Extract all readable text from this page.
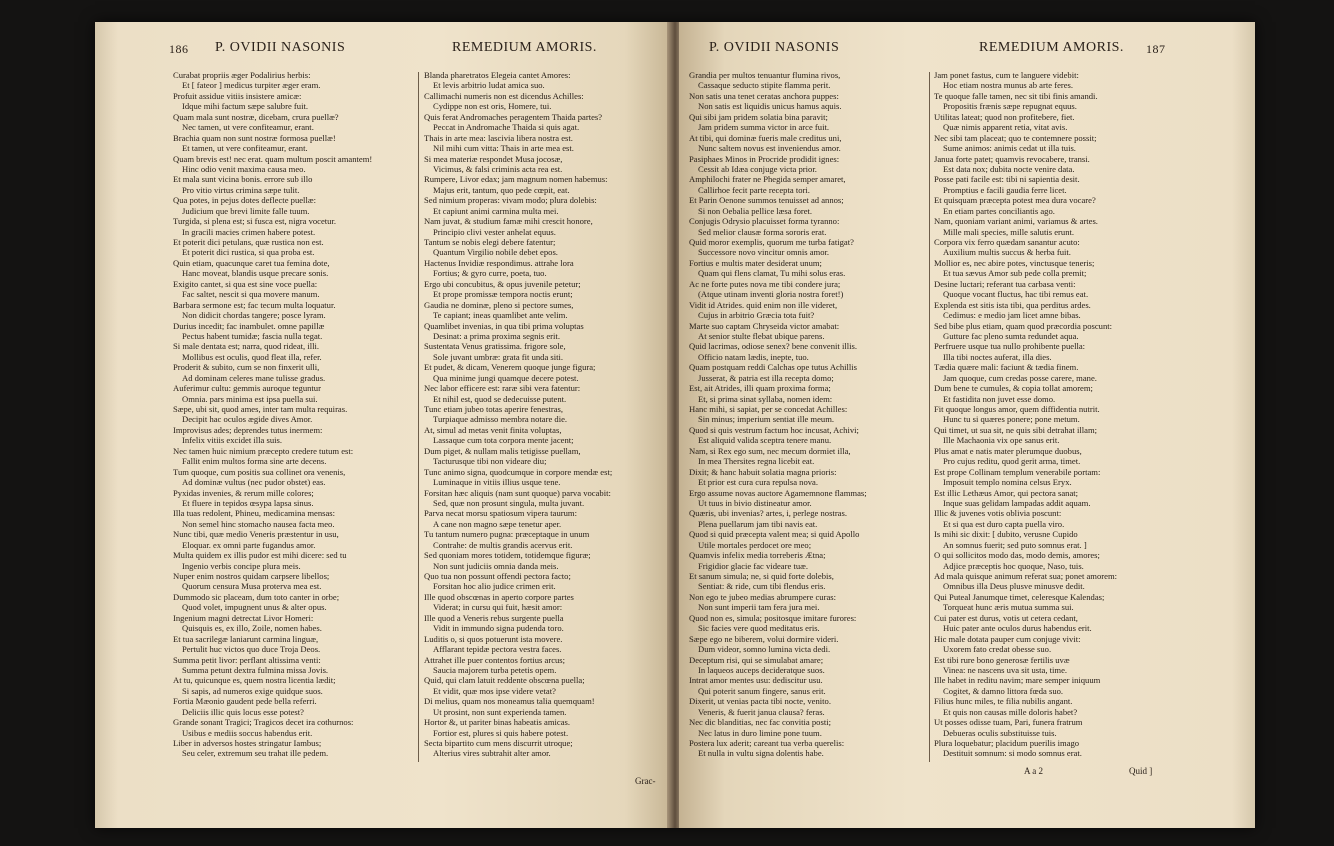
186 P. OVIDII NASONIS	REMEDIUM AMORIS.
Curabat propriis æger Podalirius herbis:
Et [ fateor ] medicus turpiter æger eram.
Profuit assidue vitiis insistere amicæ:
Idque mihi factum sæpe salubre fuit.
Quam mala sunt nostræ, dicebam, crura puellæ?
Nec tamen, ut vere confiteamur, erant.
Brachia quam non sunt nostræ formosa puellæ!
Et tamen, ut vere confiteamur, erant.
Quam brevis est! nec erat. quam multum poscit amantem!
Hinc odio venit maxima causa meo.
Et mala sunt vicina bonis. errore sub illo
Pro vitio virtus crimina sæpe tulit.
Qua potes, in pejus dotes deflecte puellæ:
Judicium que brevi limite falle tuum.
Turgida, si plena est; si fusca est, nigra vocetur.
In gracili macies crimen habere potest.
Et poterit dici petulans, quæ rustica non est.
Et poterit dici rustica, si qua proba est.
Quin etiam, quacunque caret tua femina dote,
Hanc moveat, blandis usque precare sonis.
Exigito cantet, si qua est sine voce puella:
Fac saltet, nescit si qua movere manum.
Barbara sermone est; fac tecum multa loquatur.
Non didicit chordas tangere; posce lyram.
Durius incedit; fac inambulet. omne papillæ
Pectus habent tumidæ; fascia nulla tegat.
Si male dentata est; narra, quod rideat, illi.
Mollibus est oculis, quod fleat illa, refer.
Proderit & subito, cum se non finxerit ulli,
Ad dominam celeres mane tulisse gradus.
Auferimur cultu: gemmis auroque teguntur
Omnia. pars minima est ipsa puella sui.
Sæpe, ubi sit, quod ames, inter tam multa requiras.
Decipit hac oculos ægide dives Amor.
Improvisus ades; deprendes tutus inermem:
Infelix vitiis excidet illa suis.
Nec tamen huic nimium præcepto credere tutum est:
Fallit enim multos forma sine arte decens.
Tum quoque, cum positis sua collinet ora venenis,
Ad dominæ vultus (nec pudor obstet) eas.
Pyxidas invenies, & rerum mille colores;
Et fluere in tepidos œsypa lapsa sinus.
Illa tuas redolent, Phineu, medicamina mensas:
Non semel hinc stomacho nausea facta meo.
Nunc tibi, quæ medio Veneris præstentur in usu,
Eloquar. ex omni parte fugandus amor.
Multa quidem ex illis pudor est mihi dicere: sed tu
Ingenio verbis concipe plura meis.
Nuper enim nostros quidam carpsere libellos;
Quorum censura Musa proterva mea est.
Dummodo sic placeam, dum toto canter in orbe;
Quod volet, impugnent unus & alter opus.
Ingenium magni detrectat Livor Homeri:
Quisquis es, ex illo, Zoile, nomen habes.
Et tua sacrilegæ laniarunt carmina linguæ,
Pertulit huc victos quo duce Troja Deos.
Summa petit livor: perflant altissima venti:
Summa petunt dextra fulmina missa Jovis.
At tu, quicunque es, quem nostra licentia lædit;
Si sapis, ad numeros exige quidque suos.
Fortia Mæonio gaudent pede bella referri.
Deliciis illic quis locus esse potest?
Grande sonant Tragici; Tragicos decet ira cothurnos:
Usibus e mediis soccus habendus erit.
Liber in adversos hostes stringatur Iambus;
Seu celer, extremum seu trahat ille pedem.
Blanda pharetratos Elegeia cantet Amores:
Et levis arbitrio ludat amica suo.
Callimachi numeris non est dicendus Achilles:
Cydippe non est oris, Homere, tui.
Quis ferat Andromaches peragentem Thaida partes?
Peccat in Andromache Thaida si quis agat.
Thais in arte mea: lascivia libera nostra est.
Nil mihi cum vitta: Thais in arte mea est.
Si mea materiæ respondet Musa jocosæ,
Vicimus, & falsi criminis acta rea est.
Rumpere, Livor edax; jam magnum nomen habemus:
Majus erit, tantum, quo pede cœpit, eat.
Sed nimium properas: vivam modo; plura dolebis:
Et capiunt animi carmina multa mei.
Nam juvat, & studium famæ mihi crescit honore,
Principio clivi vester anhelat equus.
Tantum se nobis elegi debere fatentur;
Quantum Virgilio nobile debet epos.
Hactenus Invidiæ respondimus. attrahe lora
Fortius; & gyro curre, poeta, tuo.
Ergo ubi concubitus, & opus juvenile petetur;
Et prope promissæ tempora noctis erunt;
Gaudia ne dominæ, pleno si pectore sumes,
Te capiant; ineas quamlibet ante velim.
Quamlibet invenias, in qua tibi prima voluptas
Desinat: a prima proxima segnis erit.
Sustentata Venus gratissima. frigore sole,
Sole juvant umbræ: grata fit unda siti.
Et pudet, & dicam, Venerem quoque junge figura;
Qua minime jungi quamque decere potest.
Nec labor efficere est: raræ sibi vera fatentur:
Et nihil est, quod se dedecuisse putent.
Tunc etiam jubeo totas aperire fenestras,
Turpiaque admisso membra notare die.
At, simul ad metas venit finita voluptas,
Lassaque cum tota corpora mente jacent;
Dum piget, & nullam malis tetigisse puellam,
Tacturusque tibi non videare diu;
Tunc animo signa, quodcumque in corpore mendæ est;
Luminaque in vitiis illius usque tene.
Forsitan hæc aliquis (nam sunt quoque) parva vocabit:
Sed, quæ non prosunt singula, multa juvant.
Parva necat morsu spatiosum vipera taurum:
A cane non magno sæpe tenetur aper.
Tu tantum numero pugna: præceptaque in unum
Contrahe: de multis grandis acervus erit.
Sed quoniam mores totidem, totidemque figuræ;
Non sunt judiciis omnia danda meis.
Quo tua non possunt offendi pectora facto;
Forsitan hoc alio judice crimen erit.
Ille quod obscœnas in aperto corpore partes
Viderat; in cursu qui fuit, hæsit amor:
Ille quod a Veneris rebus surgente puella
Vidit in immundo signa pudenda toro.
Luditis o, si quos potuerunt ista movere.
Afflarant tepidæ pectora vestra faces.
Attrahet ille puer contentos fortius arcus;
Saucia majorem turba petetis opem.
Quid, qui clam latuit reddente obscœna puella;
Et vidit, quæ mos ipse videre vetat?
Di melius, quam nos moneamus talia quemquam!
Ut prosint, non sunt experienda tamen.
Hortor &, ut pariter binas habeatis amicas.
Fortior est, plures si quis habere potest.
Secta bipartito cum mens discurrit utroque;
Alterius vires subtrahit alter amor.
Grac-
P. OVIDII NASONIS	REMEDIUM AMORIS. 187
Grandia per multos tenuantur flumina rivos,
Cassaque seducto stipite flamma perit.
Non satis una tenet ceratas anchora puppes:
Non satis est liquidis unicus hamus aquis.
Qui sibi jam pridem solatia bina paravit;
Jam pridem summa victor in arce fuit.
At tibi, qui dominæ fueris male creditus uni,
Nunc saltem novus est inveniendus amor.
Pasiphaes Minos in Procride prodidit ignes:
Cessit ab Idæa conjuge victa prior.
Amphilochi frater ne Phegida semper amaret,
Callirhoe fecit parte recepta tori.
Et Parin Oenone summos tenuisset ad annos;
Si non Oebalia pellice læsa foret.
Conjugis Odrysio placuisset forma tyranno:
Sed melior clausæ forma sororis erat.
Quid moror exemplis, quorum me turba fatigat?
Successore novo vincitur omnis amor.
Fortius e multis mater desiderat unum;
Quam qui flens clamat, Tu mihi solus eras.
Ac ne forte putes nova me tibi condere jura;
(Atque utinam inventi gloria nostra foret!)
Vidit id Atrides. quid enim non ille videret,
Cujus in arbitrio Græcia tota fuit?
Marte suo captam Chryseida victor amabat:
At senior stulte flebat ubique parens.
Quid lacrimas, odiose senex? bene convenit illis.
Officio natam lædis, inepte, tuo.
Quam postquam reddi Calchas ope tutus Achillis
Jusserat, & patria est illa recepta domo;
Est, ait Atrides, illi quam proxima forma;
Et, si prima sinat syllaba, nomen idem:
Hanc mihi, si sapiat, per se concedat Achilles:
Sin minus; imperium sentiat ille meum.
Quod si quis vestrum factum hoc incusat, Achivi;
Est aliquid valida sceptra tenere manu.
Nam, si Rex ego sum, nec mecum dormiet illa,
In mea Thersites regna licebit eat.
Dixit; & hanc habuit solatia magna prioris:
Et prior est cura cura repulsa nova.
Ergo assume novas auctore Agamemnone flammas;
Ut tuus in bivio distineatur amor.
Quæris, ubi invenias? artes, i, perlege nostras.
Plena puellarum jam tibi navis eat.
Quod si quid præcepta valent mea; si quid Apollo
Utile mortales perdocet ore meo;
Quamvis infelix media torreberis Ætna;
Frigidior glacie fac videare tuæ.
Et sanum simula; ne, si quid forte dolebis,
Sentiat: & ride, cum tibi flendus eris.
Non ego te jubeo medias abrumpere curas:
Non sunt imperii tam fera jura mei.
Quod non es, simula; positosque imitare furores:
Sic facies vere quod meditatus eris.
Sæpe ego ne biberem, volui dormire videri.
Dum videor, somno lumina victa dedi.
Deceptum risi, qui se simulabat amare;
In laqueos auceps decideratque suos.
Intrat amor mentes usu: dediscitur usu.
Qui poterit sanum fingere, sanus erit.
Dixerit, ut venias pacta tibi nocte, venito.
Veneris, & fuerit janua clausa? feras.
Nec dic blanditias, nec fac convitia posti;
Nec latus in duro limine pone tuum.
Postera lux aderit; careant tua verba querelis:
Et nulla in vultu signa dolentis habe.
Jam ponet fastus, cum te languere videbit:
Hoc etiam nostra munus ab arte feres.
Te quoque falle tamen, nec sit tibi finis amandi.
Propositis frænis sæpe repugnat equus.
Utilitas lateat; quod non profitebere, fiet.
Quæ nimis apparent retia, vitat avis.
Nec sibi tam placeat; quo te contemnere possit;
Sume animos: animis cedat ut illa tuis.
Janua forte patet; quamvis revocabere, transi.
Est data nox; dubita nocte venire data.
Posse pati facile est: tibi ni sapientia desit.
Promptius e facili gaudia ferre licet.
Et quisquam præcepta potest mea dura vocare?
En etiam partes conciliantis ago.
Nam, quoniam variant animi, variamus & artes.
Mille mali species, mille salutis erunt.
Corpora vix ferro quædam sanantur acuto:
Auxilium multis succus & herba fuit.
Mollior es, nec abire potes, vinctusque teneris;
Et tua sævus Amor sub pede colla premit;
Desine luctari; referant tua carbasa venti:
Quoque vocant fluctus, hac tibi remus eat.
Explenda est sitis ista tibi, qua perditus ardes.
Cedimus: e medio jam licet amne bibas.
Sed bibe plus etiam, quam quod præcordia poscunt:
Gutture fac pleno sumta redundet aqua.
Perfruere usque tua nullo prohibente puella:
Illa tibi noctes auferat, illa dies.
Tædia quære mali: faciunt & tædia finem.
Jam quoque, cum credas posse carere, mane.
Dum bene te cumules, & copia tollat amorem;
Et fastidita non juvet esse domo.
Fit quoque longus amor, quem diffidentia nutrit.
Hunc tu si quæres ponere; pone metum.
Qui timet, ut sua sit, ne quis sibi detrahat illam;
Ille Machaonia vix ope sanus erit.
Plus amat e natis mater plerumque duobus,
Pro cujus reditu, quod gerit arma, timet.
Est prope Collinam templum venerabile portam:
Imposuit templo nomina celsus Eryx.
Est illic Lethæus Amor, qui pectora sanat;
Inque suas gelidam lampadas addit aquam.
Illic & juvenes votis oblivia poscunt:
Et si qua est duro capta puella viro.
Is mihi sic dixit: [ dubito, verusne Cupido
An somnus fuerit; sed puto somnus erat. ]
O qui sollicitos modo das, modo demis, amores;
Adjice præceptis hoc quoque, Naso, tuis.
Ad mala quisque animum referat sua; ponet amorem:
Omnibus illa Deus plusve minusve dedit.
Qui Puteal Janumque timet, celeresque Kalendas;
Torqueat hunc æris mutua summa sui.
Cui pater est durus, votis ut cetera cedant,
Huic pater ante oculos durus habendus erit.
Hic male dotata pauper cum conjuge vivit:
Uxorem fato credat obesse suo.
Est tibi rure bono generosæ fertilis uvæ
Vinea: ne nascens uva sit usta, time.
Ille habet in reditu navim; mare semper iniquum
Cogitet, & damno littora fœda suo.
Filius hunc miles, te filia nubilis angant.
Et quis non causas mille doloris habet?
Ut posses odisse tuam, Pari, funera fratrum
Debueras oculis substituisse tuis.
Plura loquebatur; placidum puerilis imago
Destituit somnum: si modo somnus erat.
A a 2	Quid ]
